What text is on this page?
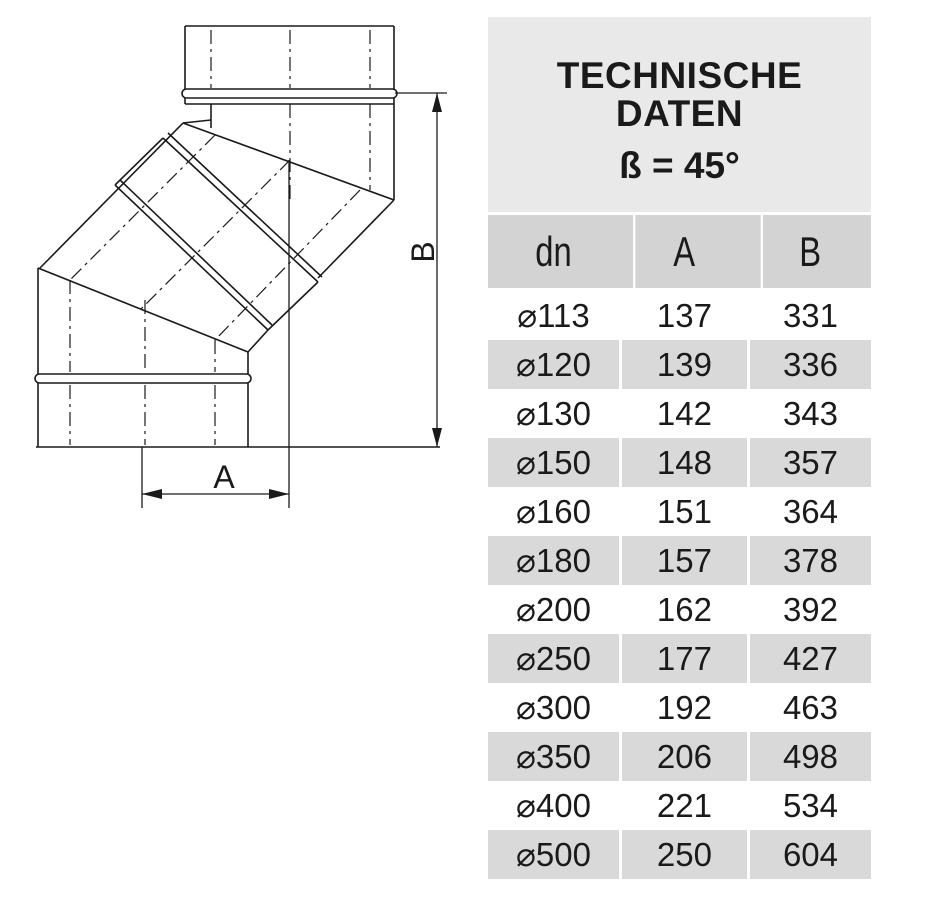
A
B
TECHNISCHE
DATEN
ß = 45°
dn	A	B
⌀113	137	331
⌀120	139	336
⌀130	142	343
⌀150	148	357
⌀160	151	364
⌀180	157	378
⌀200	162	392
⌀250	177	427
⌀300	192	463
⌀350	206	498
⌀400	221	534
⌀500	250	604
